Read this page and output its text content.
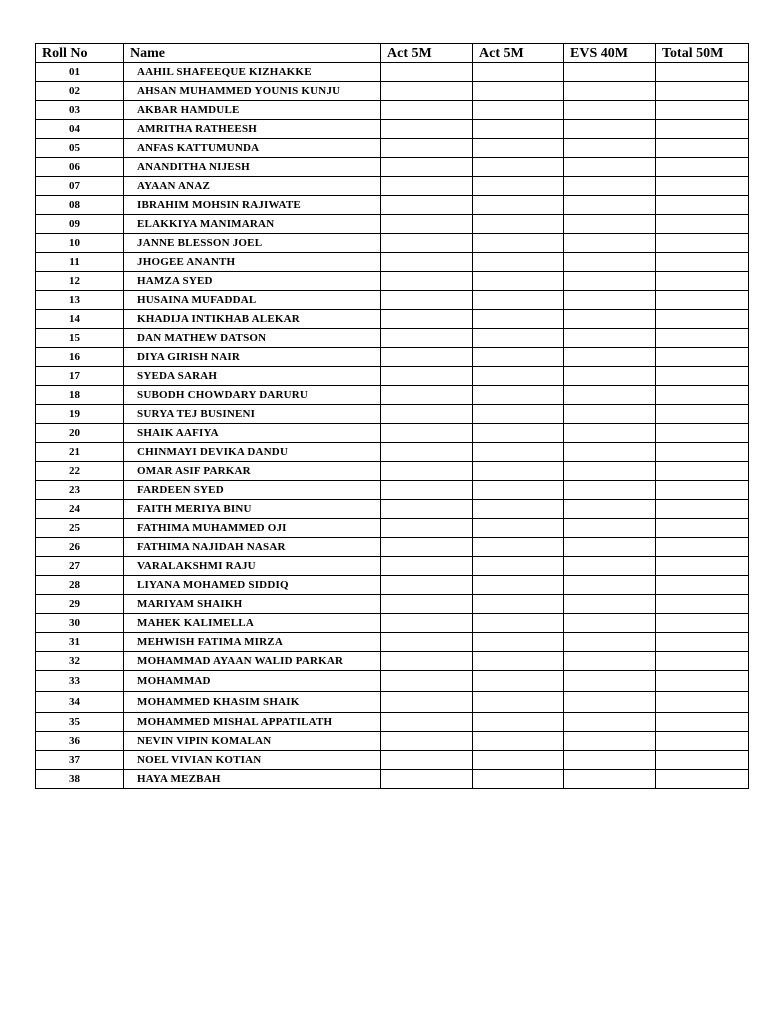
Roll No	Name	Act 5M	Act 5M	EVS 40M	Total 50M
01	AAHIL SHAFEEQUE KIZHAKKE				
02	AHSAN MUHAMMED YOUNIS KUNJU				
03	AKBAR HAMDULE				
04	AMRITHA RATHEESH				
05	ANFAS KATTUMUNDA				
06	ANANDITHA NIJESH				
07	AYAAN ANAZ				
08	IBRAHIM MOHSIN RAJIWATE				
09	ELAKKIYA MANIMARAN				
10	JANNE BLESSON JOEL				
11	JHOGEE ANANTH				
12	HAMZA SYED				
13	HUSAINA MUFADDAL				
14	KHADIJA INTIKHAB ALEKAR				
15	DAN MATHEW DATSON				
16	DIYA GIRISH NAIR				
17	SYEDA SARAH				
18	SUBODH CHOWDARY DARURU				
19	SURYA TEJ BUSINENI				
20	SHAIK AAFIYA				
21	CHINMAYI DEVIKA DANDU				
22	OMAR ASIF PARKAR				
23	FARDEEN SYED				
24	FAITH MERIYA BINU				
25	FATHIMA MUHAMMED OJI				
26	FATHIMA NAJIDAH NASAR				
27	VARALAKSHMI RAJU				
28	LIYANA MOHAMED SIDDIQ				
29	MARIYAM SHAIKH				
30	MAHEK KALIMELLA				
31	MEHWISH FATIMA MIRZA				
32	MOHAMMAD AYAAN WALID PARKAR				
33	MOHAMMAD				
34	MOHAMMED KHASIM SHAIK				
35	MOHAMMED MISHAL APPATILATH				
36	NEVIN VIPIN KOMALAN				
37	NOEL VIVIAN KOTIAN				
38	HAYA MEZBAH				
